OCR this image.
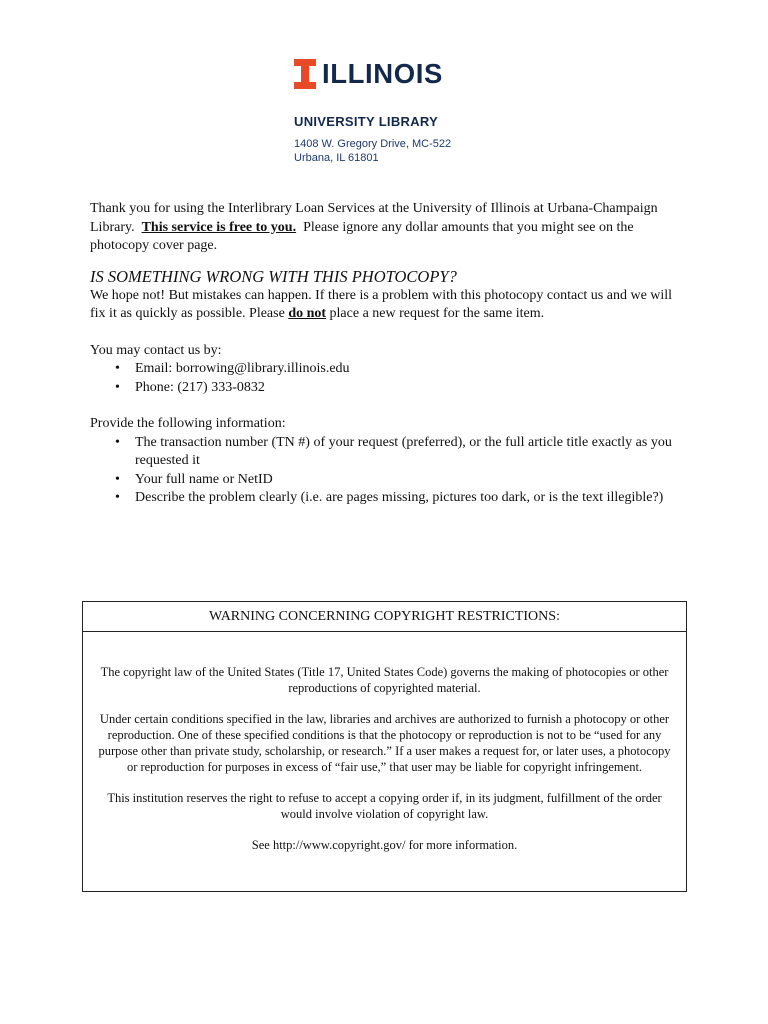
ILLINOIS
UNIVERSITY LIBRARY
1408 W. Gregory Drive, MC-522
Urbana, IL 61801

Thank you for using the Interlibrary Loan Services at the University of Illinois at Urbana-Champaign Library. This service is free to you. Please ignore any dollar amounts that you might see on the photocopy cover page.

IS SOMETHING WRONG WITH THIS PHOTOCOPY?

We hope not! But mistakes can happen. If there is a problem with this photocopy contact us and we will fix it as quickly as possible. Please do not place a new request for the same item.

You may contact us by:

• Email: borrowing@library.illinois.edu
• Phone: (217) 333-0832

Provide the following information:

• The transaction number (TN #) of your request (preferred), or the full article title exactly as you requested it
• Your full name or NetID
• Describe the problem clearly (i.e. are pages missing, pictures too dark, or is the text illegible?)
WARNING CONCERNING COPYRIGHT RESTRICTIONS:

The copyright law of the United States (Title 17, United States Code) governs the making of photocopies or other reproductions of copyrighted material.

Under certain conditions specified in the law, libraries and archives are authorized to furnish a photocopy or other reproduction. One of these specified conditions is that the photocopy or reproduction is not to be “used for any purpose other than private study, scholarship, or research.” If a user makes a request for, or later uses, a photocopy or reproduction for purposes in excess of “fair use,” that user may be liable for copyright infringement.

This institution reserves the right to refuse to accept a copying order if, in its judgment, fulfillment of the order would involve violation of copyright law.

See http://www.copyright.gov/ for more information.
